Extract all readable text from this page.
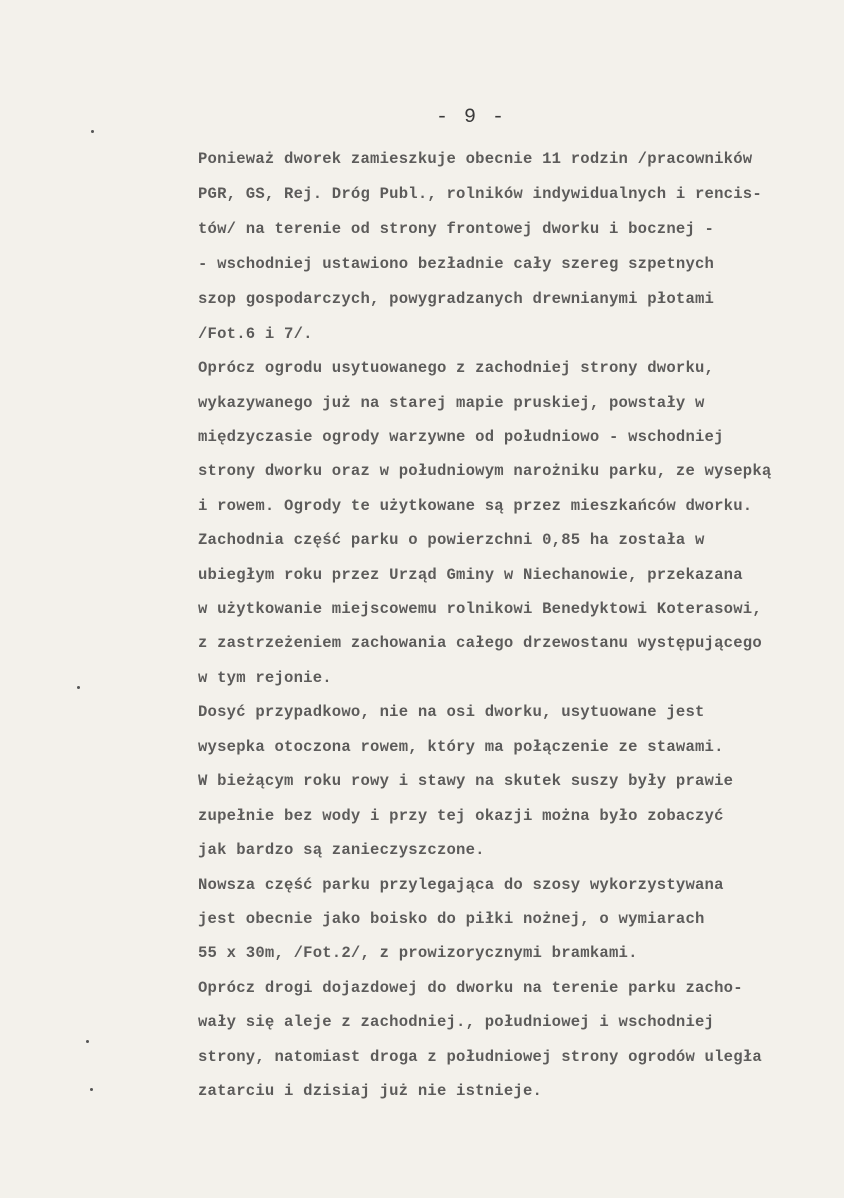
- 9 -
Ponieważ dworek zamieszkuje obecnie 11 rodzin /pracowników
PGR, GS, Rej. Dróg Publ., rolników indywidualnych i rencis-
tów/ na terenie od strony frontowej dworku i bocznej -
- wschodniej ustawiono bezładnie cały szereg szpetnych
szop gospodarczych, powygradzanych drewnianymi płotami
/Fot.6 i 7/.
Oprócz ogrodu usytuowanego z zachodniej strony dworku,
wykazywanego już na starej mapie pruskiej, powstały w
międzyczasie ogrody warzywne od południowo - wschodniej
strony dworku oraz w południowym narożniku parku, ze wysepką
i rowem. Ogrody te użytkowane są przez mieszkańców dworku.
Zachodnia część parku o powierzchni 0,85 ha została w
ubiegłym roku przez Urząd Gminy w Niechanowie, przekazana
w użytkowanie miejscowemu rolnikowi Benedyktowi Koterasowi,
z zastrzeżeniem zachowania całego drzewostanu występującego
w tym rejonie.
Dosyć przypadkowo, nie na osi dworku, usytuowane jest
wysepka otoczona rowem, który ma połączenie ze stawami.
W bieżącym roku rowy i stawy na skutek suszy były prawie
zupełnie bez wody i przy tej okazji można było zobaczyć
jak bardzo są zanieczyszczone.
Nowsza część parku przylegająca do szosy wykorzystywana
jest obecnie jako boisko do piłki nożnej, o wymiarach
55 x 30m, /Fot.2/, z prowizorycznymi bramkami.
Oprócz drogi dojazdowej do dworku na terenie parku zacho-
wały się aleje z zachodniej., południowej i wschodniej
strony, natomiast droga z południowej strony ogrodów uległa
zatarciu i dzisiaj już nie istnieje.
